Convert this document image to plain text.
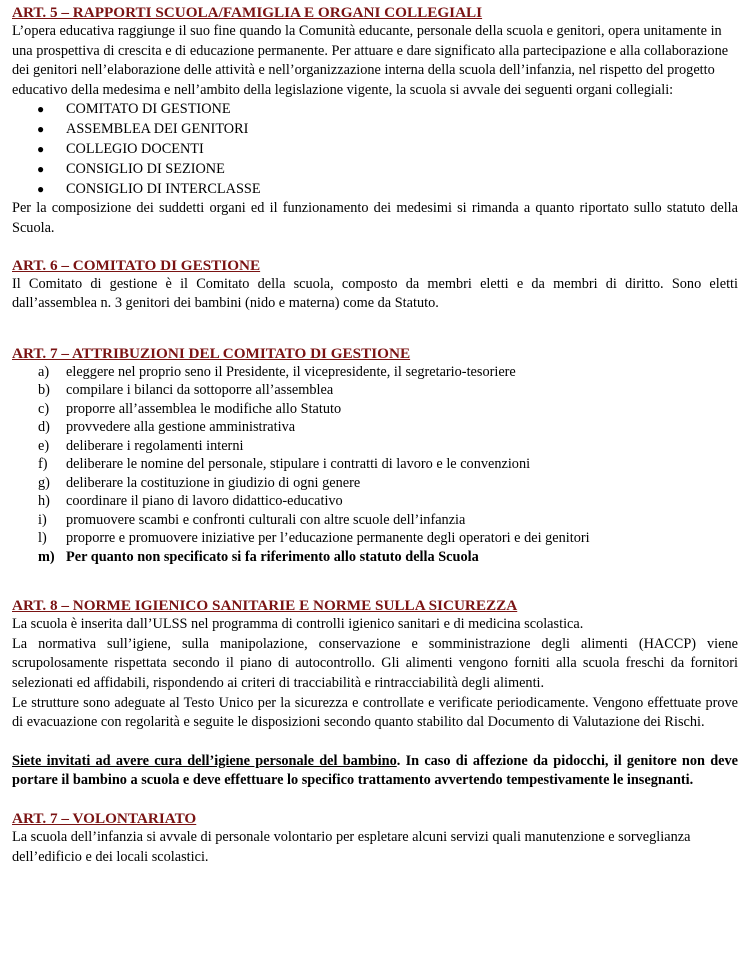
ART. 5 – RAPPORTI SCUOLA/FAMIGLIA E ORGANI COLLEGIALI

L’opera educativa raggiunge il suo fine quando la Comunità educante, personale della scuola e genitori, opera unitamente in una prospettiva di crescita e di educazione permanente. Per attuare e dare significato alla partecipazione e alla collaborazione dei genitori nell’elaborazione delle attività e nell’organizzazione interna della scuola dell’infanzia, nel rispetto del progetto educativo della medesima e nell’ambito della legislazione vigente, la scuola si avvale dei seguenti organi collegiali:

● COMITATO DI GESTIONE
● ASSEMBLEA DEI GENITORI
● COLLEGIO DOCENTI
● CONSIGLIO DI SEZIONE
● CONSIGLIO DI INTERCLASSE

Per la composizione dei suddetti organi ed il funzionamento dei medesimi si rimanda a quanto riportato sullo statuto della Scuola.

ART. 6 – COMITATO DI GESTIONE

Il Comitato di gestione è il Comitato della scuola, composto da membri eletti e da membri di diritto. Sono eletti dall’assemblea n. 3 genitori dei bambini (nido e materna) come da Statuto.

ART. 7 – ATTRIBUZIONI DEL COMITATO DI GESTIONE

a) eleggere nel proprio seno il Presidente, il vicepresidente, il segretario-tesoriere
b) compilare i bilanci da sottoporre all’assemblea
c) proporre all’assemblea le modifiche allo Statuto
d) provvedere alla gestione amministrativa
e) deliberare i regolamenti interni
f) deliberare le nomine del personale, stipulare i contratti di lavoro e le convenzioni
g) deliberare la costituzione in giudizio di ogni genere
h) coordinare il piano di lavoro didattico-educativo
i) promuovere scambi e confronti culturali con altre scuole dell’infanzia
l) proporre e promuovere iniziative per l’educazione permanente degli operatori e dei genitori
m) Per quanto non specificato si fa riferimento allo statuto della Scuola

ART. 8 – NORME IGIENICO SANITARIE E NORME SULLA SICUREZZA

La scuola è inserita dall’ULSS nel programma di controlli igienico sanitari e di medicina scolastica.

La normativa sull’igiene, sulla manipolazione, conservazione e somministrazione degli alimenti (HACCP) viene scrupolosamente rispettata secondo il piano di autocontrollo. Gli alimenti vengono forniti alla scuola freschi da fornitori selezionati ed affidabili, rispondendo ai criteri di tracciabilità e rintracciabilità degli alimenti.

Le strutture sono adeguate al Testo Unico per la sicurezza e controllate e verificate periodicamente. Vengono effettuate prove di evacuazione con regolarità e seguite le disposizioni secondo quanto stabilito dal Documento di Valutazione dei Rischi.

Siete invitati ad avere cura dell’igiene personale del bambino. In caso di affezione da pidocchi, il genitore non deve portare il bambino a scuola e deve effettuare lo specifico trattamento avvertendo tempestivamente le insegnanti.

ART. 7 – VOLONTARIATO

La scuola dell’infanzia si avvale di personale volontario per espletare alcuni servizi quali manutenzione e sorveglianza dell’edificio e dei locali scolastici.
